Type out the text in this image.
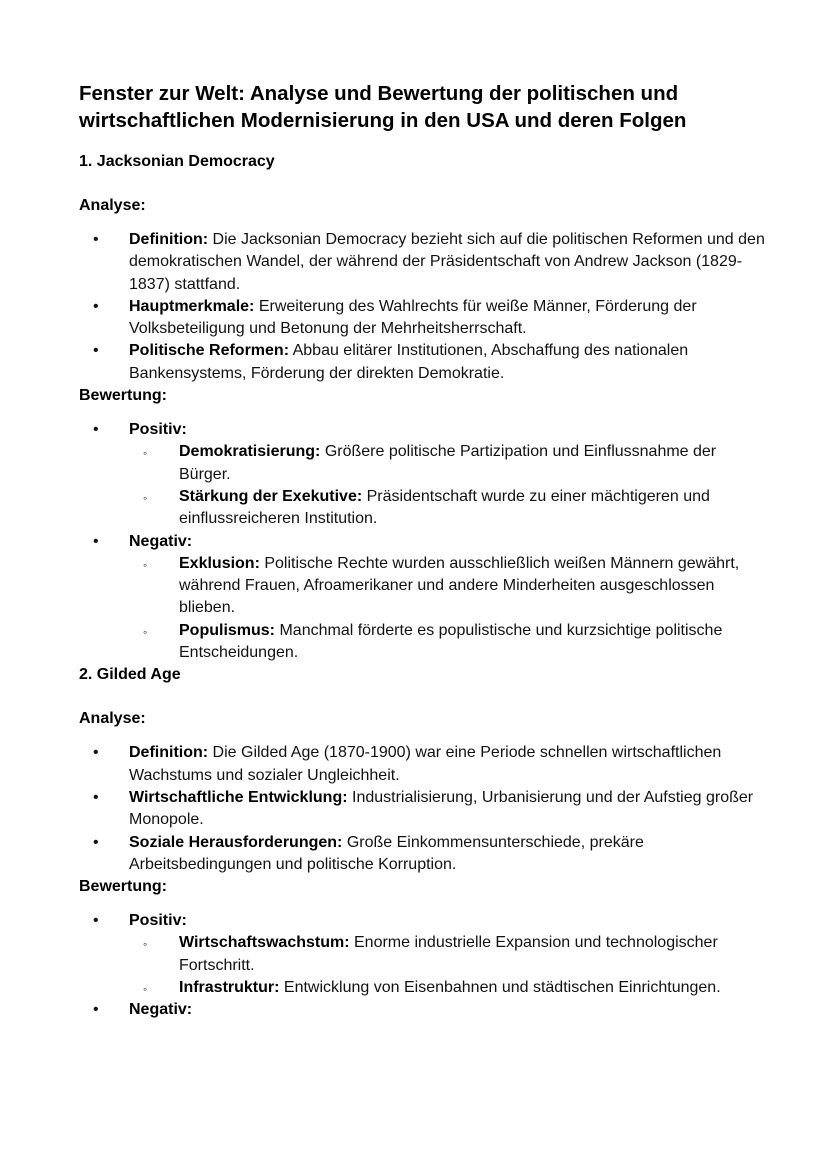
Fenster zur Welt: Analyse und Bewertung der politischen und wirtschaftlichen Modernisierung in den USA und deren Folgen
1. Jacksonian Democracy
Analyse:
• Definition: Die Jacksonian Democracy bezieht sich auf die politischen Reformen und den demokratischen Wandel, der während der Präsidentschaft von Andrew Jackson (1829-1837) stattfand.
• Hauptmerkmale: Erweiterung des Wahlrechts für weiße Männer, Förderung der Volksbeteiligung und Betonung der Mehrheitsherrschaft.
• Politische Reformen: Abbau elitärer Institutionen, Abschaffung des nationalen Bankensystems, Förderung der direkten Demokratie.
Bewertung:
• Positiv:
◦ Demokratisierung: Größere politische Partizipation und Einflussnahme der Bürger.
◦ Stärkung der Exekutive: Präsidentschaft wurde zu einer mächtigeren und einflussreicheren Institution.
• Negativ:
◦ Exklusion: Politische Rechte wurden ausschließlich weißen Männern gewährt, während Frauen, Afroamerikaner und andere Minderheiten ausgeschlossen blieben.
◦ Populismus: Manchmal förderte es populistische und kurzsichtige politische Entscheidungen.
2. Gilded Age
Analyse:
• Definition: Die Gilded Age (1870-1900) war eine Periode schnellen wirtschaftlichen Wachstums und sozialer Ungleichheit.
• Wirtschaftliche Entwicklung: Industrialisierung, Urbanisierung und der Aufstieg großer Monopole.
• Soziale Herausforderungen: Große Einkommensunterschiede, prekäre Arbeitsbedingungen und politische Korruption.
Bewertung:
• Positiv:
◦ Wirtschaftswachstum: Enorme industrielle Expansion und technologischer Fortschritt.
◦ Infrastruktur: Entwicklung von Eisenbahnen und städtischen Einrichtungen.
• Negativ:
